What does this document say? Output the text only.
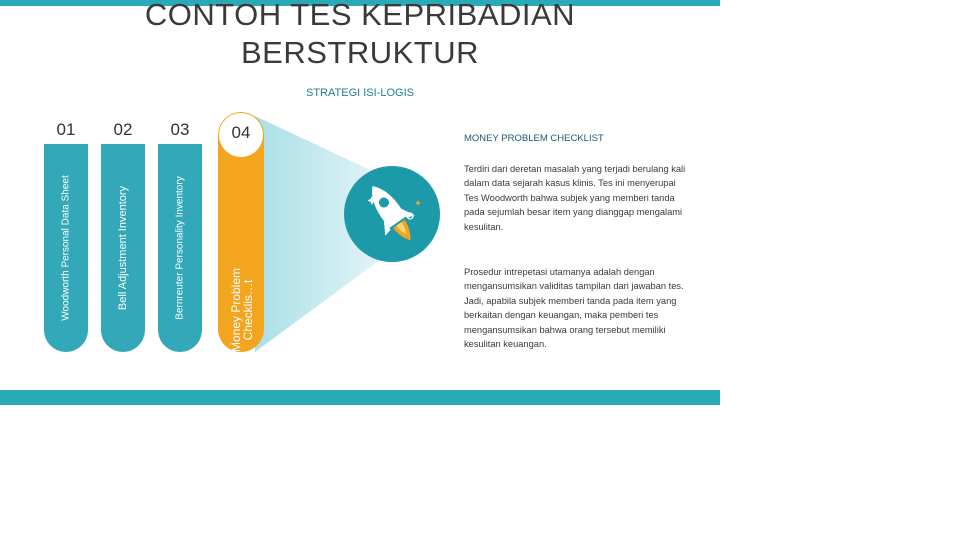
CONTOH TES KEPRIBADIAN BERSTRUKTUR
STRATEGI ISI-LOGIS
01
Woodworth Personal Data Sheet
02
Bell Adjustment Inventory
03
Bernreuter Personality Inventory
04
Money Problem
Checklis…t
MONEY PROBLEM CHECKLIST
Terdiri dari deretan masalah yang terjadi berulang kali dalam data sejarah kasus klinis. Tes ini menyerupai Tes Woodworth bahwa subjek yang memberi tanda pada sejumlah besar item yang dianggap mengalami kesulitan.
Prosedur intrepetasi utamanya adalah dengan mengansumsikan validitas tampilan dari jawaban tes. Jadi, apabila subjek memberi tanda pada item yang berkaitan dengan keuangan, maka pemberi tes mengansumsikan bahwa orang tersebut memiliki kesulitan keuangan.
